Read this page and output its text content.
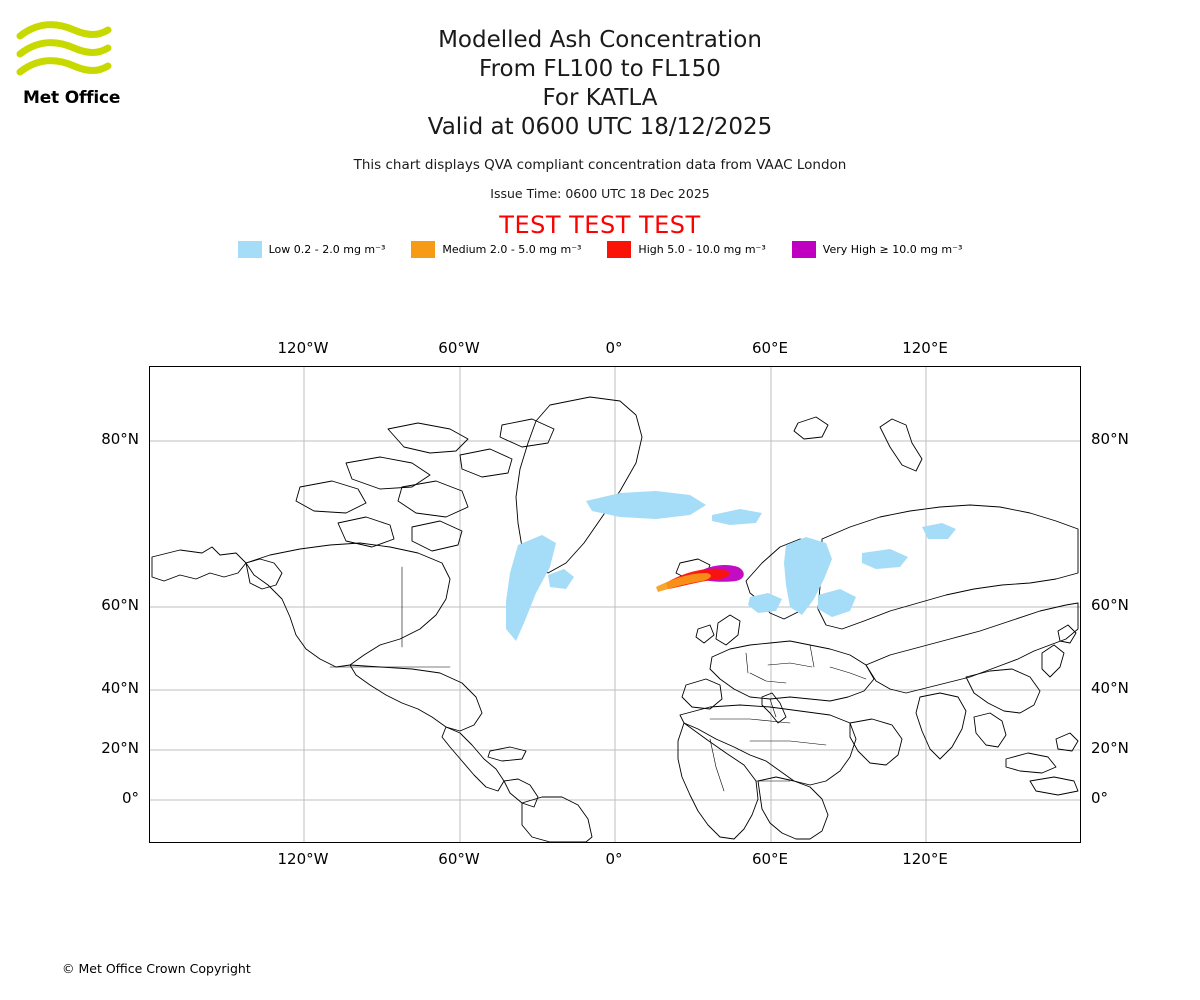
Met Office
Modelled Ash Concentration
From FL100 to FL150
For KATLA
Valid at 0600 UTC 18/12/2025
This chart displays QVA compliant concentration data from VAAC London
Issue Time: 0600 UTC 18 Dec 2025
TEST TEST TEST
Low 0.2 - 2.0 mg m⁻³	Medium 2.0 - 5.0 mg m⁻³	High 5.0 - 10.0 mg m⁻³	Very High ≥ 10.0 mg m⁻³
120°W	60°W	0°	60°E	120°E
120°W	60°W	0°	60°E	120°E
80°N
60°N
40°N
20°N
0°
80°N
60°N
40°N
20°N
0°
© Met Office Crown Copyright
